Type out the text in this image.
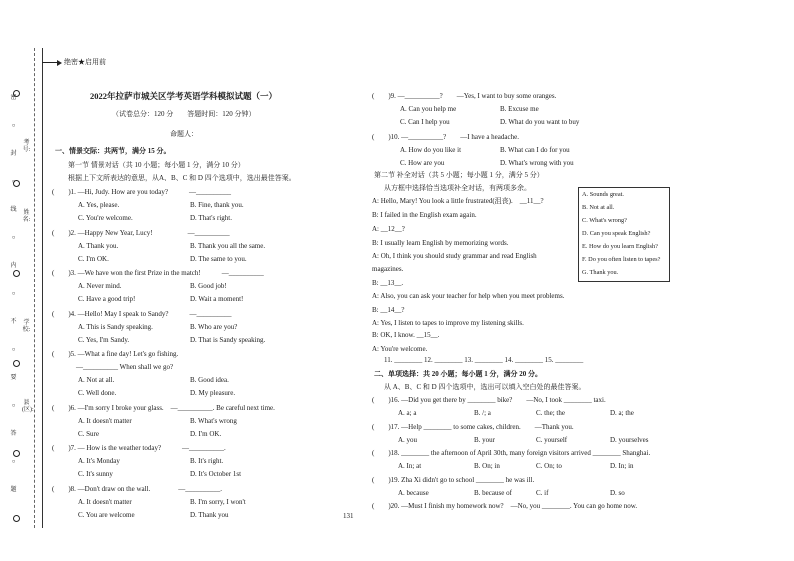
绝密★启用前
考号:
姓名:
学校:
县(区):
密
○
封
○
线
○
内
○
不
○
要
○
答
○
题
2022年拉萨市城关区学考英语学科模拟试题（一）
（试卷总分：120 分　　答题时间：120 分钟）
命题人：
一、情景交际：共两节，满分 15 分。
第一节 情景对话（共 10 小题；每小题 1 分，满分 10 分）
根据上下文所表达的意思，从A、B、C 和 D 四个选项中，选出最佳答案。
(　　)1. —Hi, Judy. How are you today?　　　—__________
A. Yes, please.	B. Fine, thank you.
C. You're welcome.	D. That's right.
(　　)2. —Happy New Year, Lucy!　　　　　—__________
A. Thank you.	B. Thank you all the same.
C. I'm OK.	D. The same to you.
(　　)3. —We have won the first Prize in the match!　　　—__________
A. Never mind.	B. Good job!
C. Have a good trip!	D. Wait a moment!
(　　)4. —Hello! May I speak to Sandy?　　　—__________
A. This is Sandy speaking.	B. Who are you?
C. Yes, I'm Sandy.	D. That is Sandy speaking.
(　　)5. —What a fine day! Let's go fishing.
—__________ When shall we go?
A. Not at all.	B. Good idea.
C. Well done.	D. My pleasure.
(　　)6. —I'm sorry I broke your glass.　—__________. Be careful next time.
A. It doesn't matter	B. What's wrong
C. Sure	D. I'm OK.
(　　)7. — How is the weather today?　　　—__________.
A. It's Monday	B. It's right.
C. It's sunny	D. It's October 1st
(　　)8. —Don't draw on the wall.　　　　—__________.
A. It doesn't matter	B. I'm sorry, I won't
C. You are welcome	D. Thank you
(　　)9. —__________?　　—Yes, I want to buy some oranges.
A. Can you help me	B. Excuse me
C. Can I help you	D. What do you want to buy
(　　)10. —__________?　　—I have a headache.
A. How do you like it	B. What can I do for you
C. How are you	D. What's wrong with you
第二节 补全对话（共 5 小题；每小题 1 分，满分 5 分）
从方框中选择恰当选项补全对话，有两项多余。
A. Sounds great.
B. Not at all.
C. What's wrong?
D. Can you speak English?
E. How do you learn English?
F. Do you often listen to tapes?
G. Thank you.
A: Hello, Mary! You look a little frustrated(沮丧).　__11__?
B: I failed in the English exam again.
A: __12__?
B: I usually learn English by memorizing words.
A: Oh, I think you should study grammar and read English
magazines.
B: __13__.
A: Also, you can ask your teacher for help when you meet problems.
B: __14__?
A: Yes, I listen to tapes to improve my listening skills.
B: OK, I know. __15__.
A: You're welcome.
11. ________ 12. ________ 13. ________ 14. ________ 15. ________
二、单项选择：共 20 小题；每小题 1 分，满分 20 分。
从 A、B、C 和 D 四个选项中，选出可以填入空白处的最佳答案。
(　　)16. —Did you get there by ________ bike?　　—No, I took ________ taxi.
A. a; a	B. /; a	C. the; the	D. a; the
(　　)17. —Help ________ to some cakes, children.　　—Thank you.
A. you	B. your	C. yourself	D. yourselves
(　　)18. ________ the afternoon of April 30th, many foreign visitors arrived ________ Shanghai.
A. In; at	B. On; in	C. On; to	D. In; in
(　　)19. Zha Xi didn't go to school ________ he was ill.
A. because	B. because of	C. if	D. so
(　　)20. —Must I finish my homework now?　—No, you ________. You can go home now.
131
